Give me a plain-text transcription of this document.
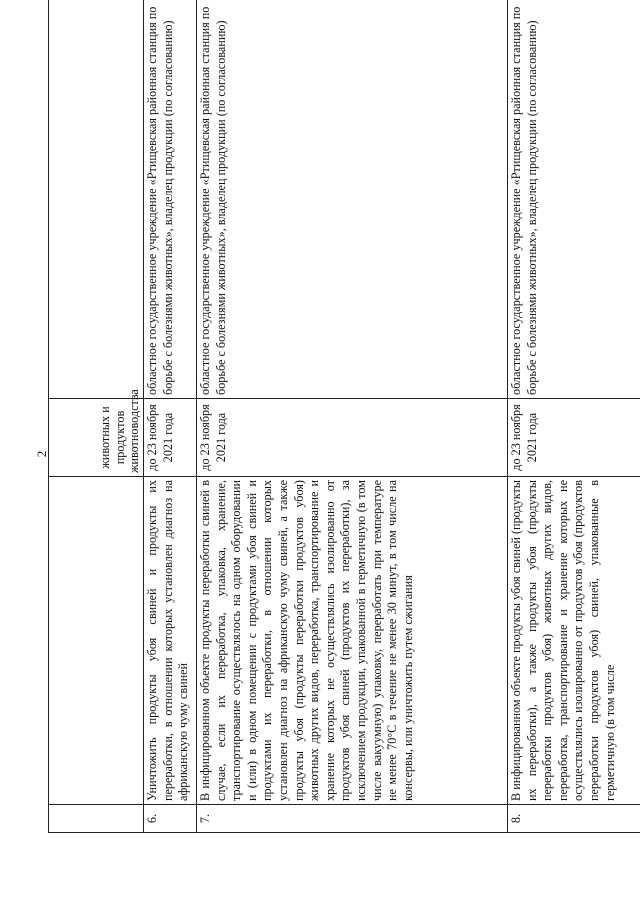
2
			животных и продуктов животноводства	
6.	Уничтожить продукты убоя свиней и продукты их переработки, в отношении которых установлен диагноз на африканскую чуму свиней	до 23 ноября 2021 года	областное государственное учреждение «Ртищевская районная станция по борьбе с болезнями животных», владелец продукции (по согласованию)
7.	В инфицированном объекте продукты переработки свиней в случае, если их переработка, упаковка, хранение, транспортирование осуществлялось на одном оборудовании и (или) в одном помещении с продуктами убоя свиней и продуктами их переработки, в отношении которых установлен диагноз на африканскую чуму свиней, а также продукты убоя (продукты переработки продуктов убоя) животных других видов, переработка, транспортирование и хранение которых не осуществлялись изолированно от продуктов убоя свиней (продуктов их переработки), за исключением продукции, упакованной в герметичную (в том числе вакуумную) упаковку, переработать при температуре не менее 70°С в течение не менее 30 минут, в том числе на консервы, или уничтожить путем сжигания	до 23 ноября 2021 года	областное государственное учреждение «Ртищевская районная станция по борьбе с болезнями животных», владелец продукции (по согласованию)
8.	В инфицированном объекте продукты убоя свиней (продукты их переработки), а также продукты убоя (продукты переработки продуктов убоя) животных других видов, переработка, транспортирование и хранение которых не осуществлялись изолированно от продуктов убоя (продуктов переработки продуктов убоя) свиней, упакованные в герметичную (в том числе	до 23 ноября 2021 года	областное государственное учреждение «Ртищевская районная станция по борьбе с болезнями животных», владелец продукции (по согласованию)
